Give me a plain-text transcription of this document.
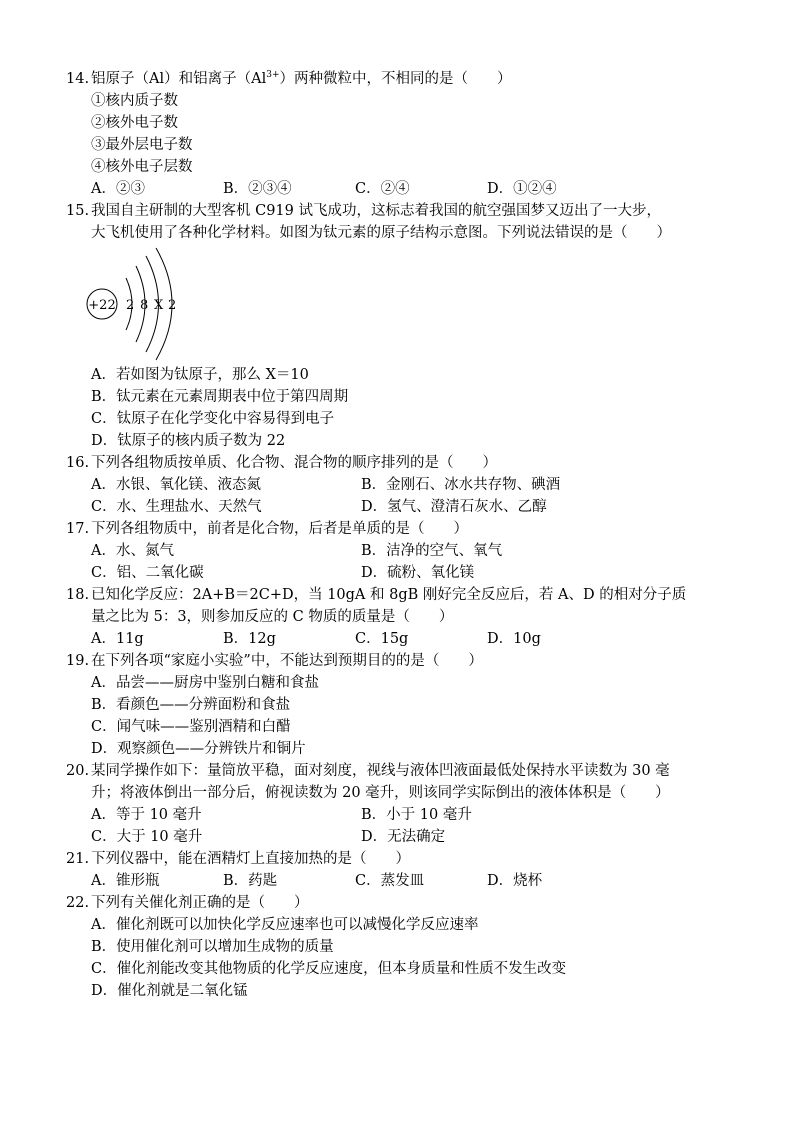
14. 铝原子（Al）和铝离子$(Al^{3+})$两种微粒中，不相同的是（　　）
①核内质子数
②核外电子数
③最外层电子数
④核外电子层数
A．②③	B．②③④	C．②④	D．①②④
15. 我国自主研制的大型客机 C919 试飞成功，这标志着我国的航空强国梦又迈出了一大步，
大飞机使用了各种化学材料。如图为钛元素的原子结构示意图。下列说法错误的是（　　）
+22 2 8 X 2
A．若如图为钛原子，那么 X＝10
B．钛元素在元素周期表中位于第四周期
C．钛原子在化学变化中容易得到电子
D．钛原子的核内质子数为 22
16. 下列各组物质按单质、化合物、混合物的顺序排列的是（　　）
A．水银、氧化镁、液态氮	B．金刚石、冰水共存物、碘酒
C．水、生理盐水、天然气	D．氢气、澄清石灰水、乙醇
17. 下列各组物质中，前者是化合物，后者是单质的是（　　）
A．水、氮气	B．洁净的空气、氧气
C．铝、二氧化碳	D．硫粉、氧化镁
18. 已知化学反应：2A+B＝2C+D，当 10gA 和 8gB 刚好完全反应后，若 A、D 的相对分子质
量之比为 5：3，则参加反应的 C 物质的质量是（　　）
A．11g	B．12g	C．15g	D．10g
19. 在下列各项“家庭小实验”中，不能达到预期目的的是（　　）
A．品尝——厨房中鉴别白糖和食盐
B．看颜色——分辨面粉和食盐
C．闻气味——鉴别酒精和白醋
D．观察颜色——分辨铁片和铜片
20. 某同学操作如下：量筒放平稳，面对刻度，视线与液体凹液面最低处保持水平读数为 30 毫
升；将液体倒出一部分后，俯视读数为 20 毫升，则该同学实际倒出的液体体积是（　　）
A．等于 10 毫升	B．小于 10 毫升
C．大于 10 毫升	D．无法确定
21. 下列仪器中，能在酒精灯上直接加热的是（　　）
A．锥形瓶	B．药匙	C．蒸发皿	D．烧杯
22. 下列有关催化剂正确的是（　　）
A．催化剂既可以加快化学反应速率也可以减慢化学反应速率
B．使用催化剂可以增加生成物的质量
C．催化剂能改变其他物质的化学反应速度，但本身质量和性质不发生改变
D．催化剂就是二氧化锰
